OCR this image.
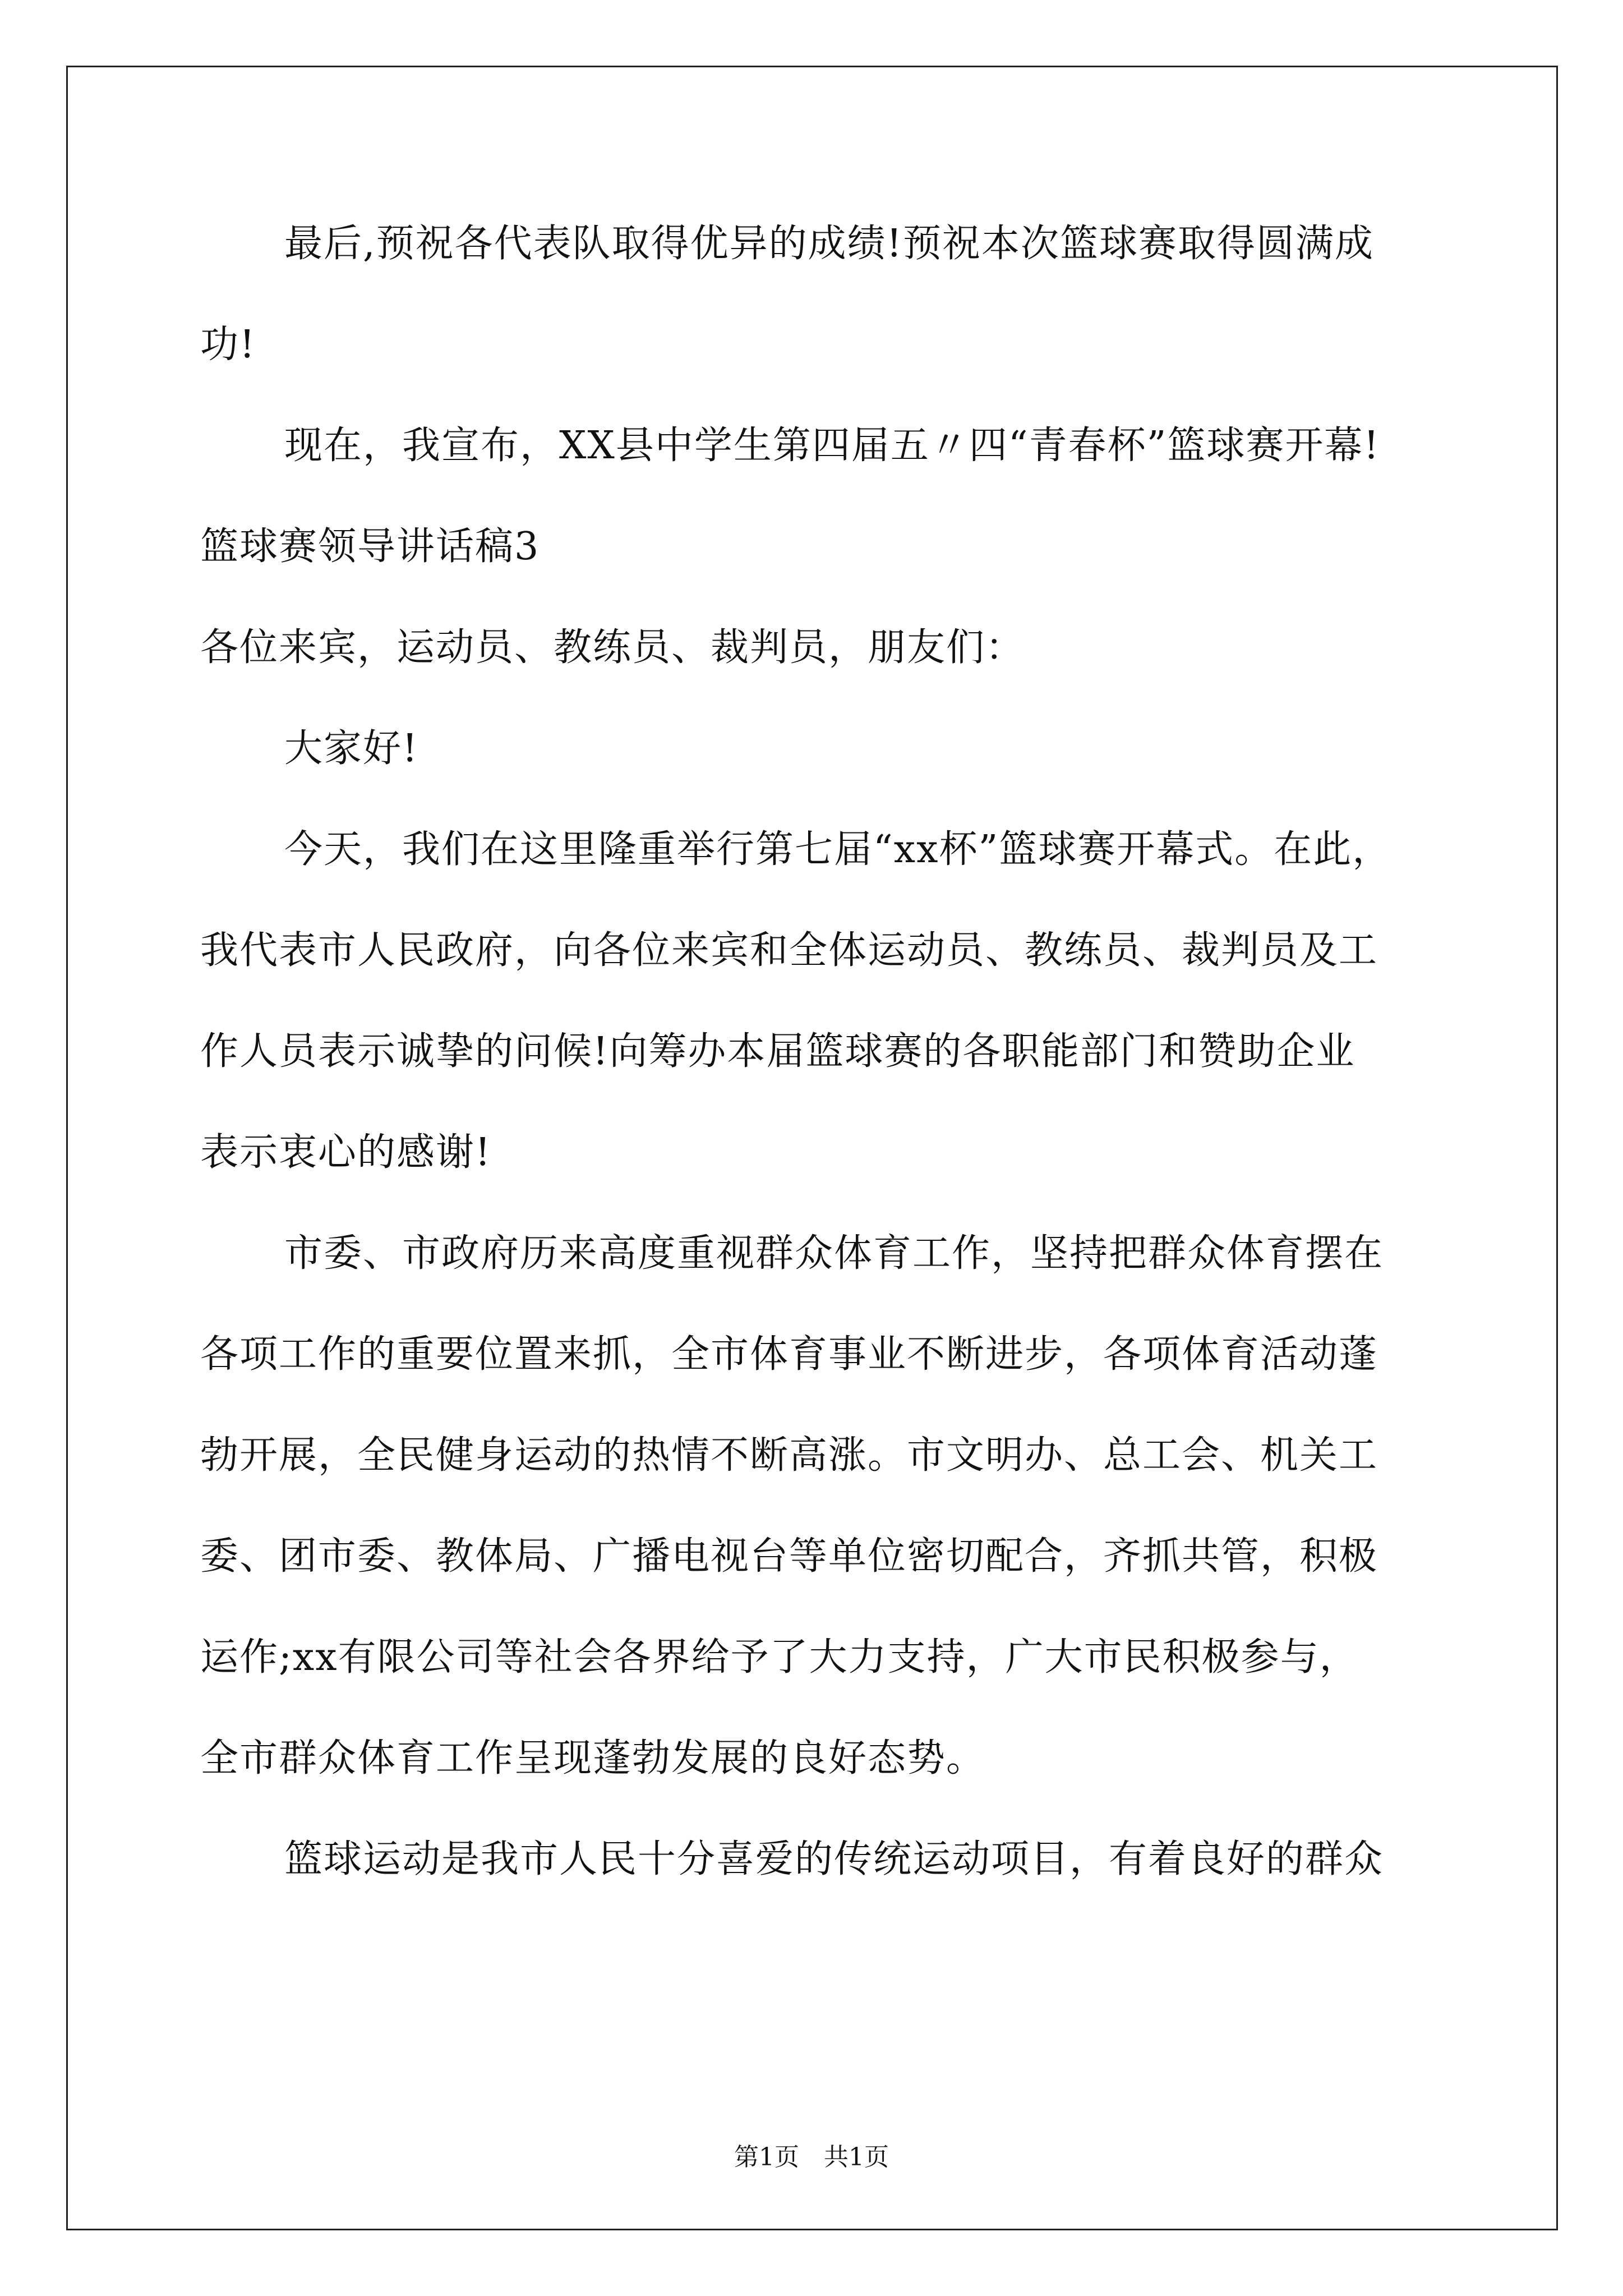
最后,预祝各代表队取得优异的成绩!预祝本次篮球赛取得圆满成
功!
现在，我宣布，XX县中学生第四届五〃四“青春杯”篮球赛开幕!
篮球赛领导讲话稿3
各位来宾，运动员、教练员、裁判员，朋友们：
大家好!
今天，我们在这里隆重举行第七届“xx杯”篮球赛开幕式。在此，
我代表市人民政府，向各位来宾和全体运动员、教练员、裁判员及工
作人员表示诚挚的问候!向筹办本届篮球赛的各职能部门和赞助企业
表示衷心的感谢!
市委、市政府历来高度重视群众体育工作，坚持把群众体育摆在
各项工作的重要位置来抓，全市体育事业不断进步，各项体育活动蓬
勃开展，全民健身运动的热情不断高涨。市文明办、总工会、机关工
委、团市委、教体局、广播电视台等单位密切配合，齐抓共管，积极
运作;xx有限公司等社会各界给予了大力支持，广大市民积极参与，
全市群众体育工作呈现蓬勃发展的良好态势。
篮球运动是我市人民十分喜爱的传统运动项目，有着良好的群众
第1页　共1页
